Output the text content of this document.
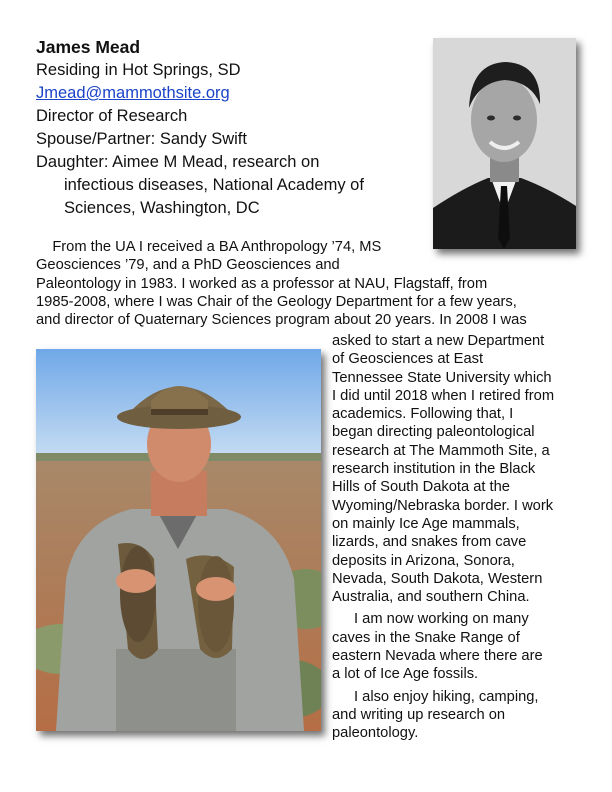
James Mead
Residing in Hot Springs, SD
Jmead@mammothsite.org
Director of Research
Spouse/Partner: Sandy Swift
Daughter: Aimee M Mead, research on
infectious diseases, National Academy of
Sciences, Washington, DC

From the UA I received a BA Anthropology ’74, MS

Geosciences ’79, and a PhD Geosciences and

Paleontology in 1983. I worked as a professor at NAU, Flagstaff, from

1985-2008, where I was Chair of the Geology Department for a few years,

and director of Quaternary Sciences program about 20 years. In 2008 I was

asked to start a new Department

of Geosciences at East

Tennessee State University which

I did until 2018 when I retired from

academics. Following that, I

began directing paleontological

research at The Mammoth Site, a

research institution in the Black

Hills of South Dakota at the

Wyoming/Nebraska border. I work

on mainly Ice Age mammals,

lizards, and snakes from cave

deposits in Arizona, Sonora,

Nevada, South Dakota, Western

Australia, and southern China.

I am now working on many

caves in the Snake Range of

eastern Nevada where there are

a lot of Ice Age fossils.

I also enjoy hiking, camping,

and writing up research on

paleontology.
